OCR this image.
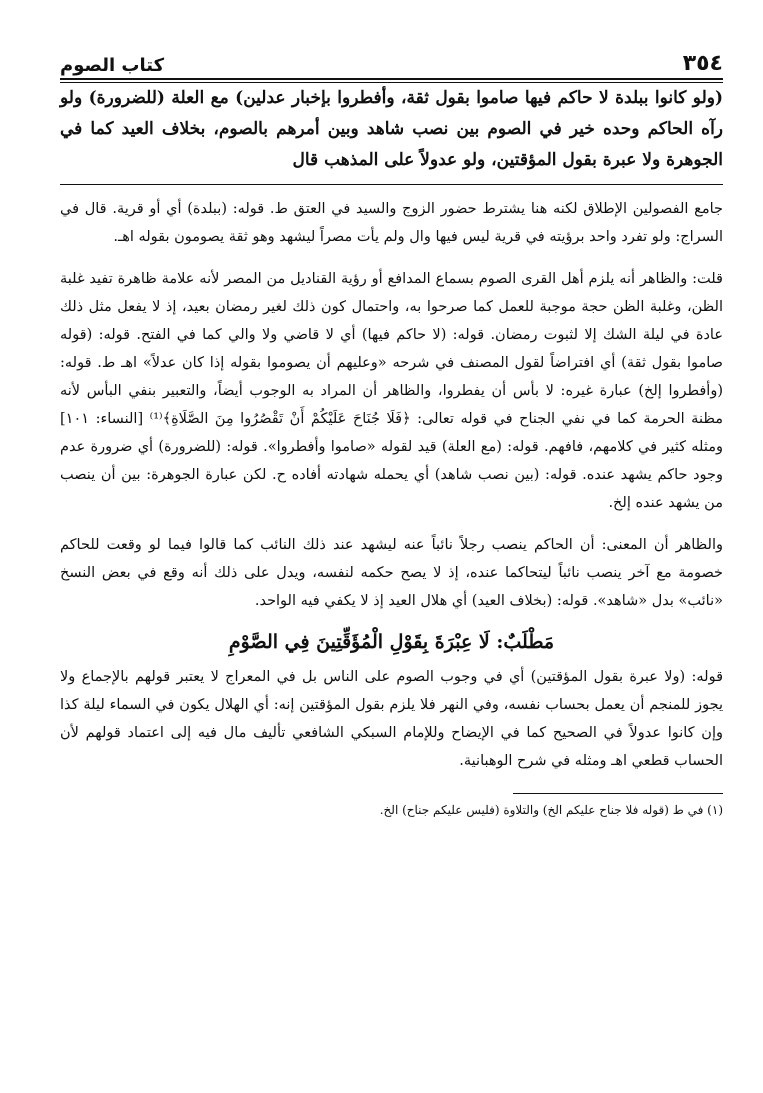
٣٥٤
كتاب الصوم

(ولو كانوا ببلدة لا حاكم فيها صاموا بقول ثقة، وأفطروا بإخبار عدلين) مع العلة (للضرورة) ولو رآه الحاكم وحده خير في الصوم بين نصب شاهد وبين أمرهم بالصوم، بخلاف العيد كما في الجوهرة ولا عبرة بقول المؤقتين، ولو عدولاً على المذهب قال

جامع الفصولين الإطلاق لكنه هنا يشترط حضور الزوج والسيد في العتق ط. قوله: (ببلدة) أي أو قرية. قال في السراج: ولو تفرد واحد برؤيته في قرية ليس فيها وال ولم يأت مصراً ليشهد وهو ثقة يصومون بقوله اهـ.

قلت: والظاهر أنه يلزم أهل القرى الصوم بسماع المدافع أو رؤية القناديل من المصر لأنه علامة ظاهرة تفيد غلبة الظن، وغلبة الظن حجة موجبة للعمل كما صرحوا به، واحتمال كون ذلك لغير رمضان بعيد، إذ لا يفعل مثل ذلك عادة في ليلة الشك إلا لثبوت رمضان. قوله: (لا حاكم فيها) أي لا قاضي ولا والي كما في الفتح. قوله: (قوله صاموا بقول ثقة) أي افتراضاً لقول المصنف في شرحه «وعليهم أن يصوموا بقوله إذا كان عدلاً» اهـ ط. قوله: (وأفطروا إلخ) عبارة غيره: لا بأس أن يفطروا، والظاهر أن المراد به الوجوب أيضاً، والتعبير بنفي البأس لأنه مظنة الحرمة كما في نفي الجناح في قوله تعالى: ﴿فَلَا جُنَاحَ عَلَيْكُمْ أَنْ تَقْصُرُوا مِنَ الصَّلَاةِ﴾⁽¹⁾ [النساء: ١٠١] ومثله كثير في كلامهم، فافهم. قوله: (مع العلة) قيد لقوله «صاموا وأفطروا». قوله: (للضرورة) أي ضرورة عدم وجود حاكم يشهد عنده. قوله: (بين نصب شاهد) أي يحمله شهادته أفاده ح. لكن عبارة الجوهرة: بين أن ينصب من يشهد عنده إلخ.

والظاهر أن المعنى: أن الحاكم ينصب رجلاً نائباً عنه ليشهد عند ذلك النائب كما قالوا فيما لو وقعت للحاكم خصومة مع آخر ينصب نائباً ليتحاكما عنده، إذ لا يصح حكمه لنفسه، ويدل على ذلك أنه وقع في بعض النسخ «نائب» بدل «شاهد». قوله: (بخلاف العيد) أي هلال العيد إذ لا يكفي فيه الواحد.

مَطْلَبٌ: لَا عِبْرَةَ بِقَوْلِ الْمُؤَقِّتِينَ فِي الصَّوْمِ

قوله: (ولا عبرة بقول المؤقتين) أي في وجوب الصوم على الناس بل في المعراج لا يعتبر قولهم بالإجماع ولا يجوز للمنجم أن يعمل بحساب نفسه، وفي النهر فلا يلزم بقول المؤقتين إنه: أي الهلال يكون في السماء ليلة كذا وإن كانوا عدولاً في الصحيح كما في الإيضاح وللإمام السبكي الشافعي تأليف مال فيه إلى اعتماد قولهم لأن الحساب قطعي اهـ ومثله في شرح الوهبانية.

(١) في ط (قوله فلا جناح عليكم الخ) والتلاوة (فليس عليكم جناح) الخ.
